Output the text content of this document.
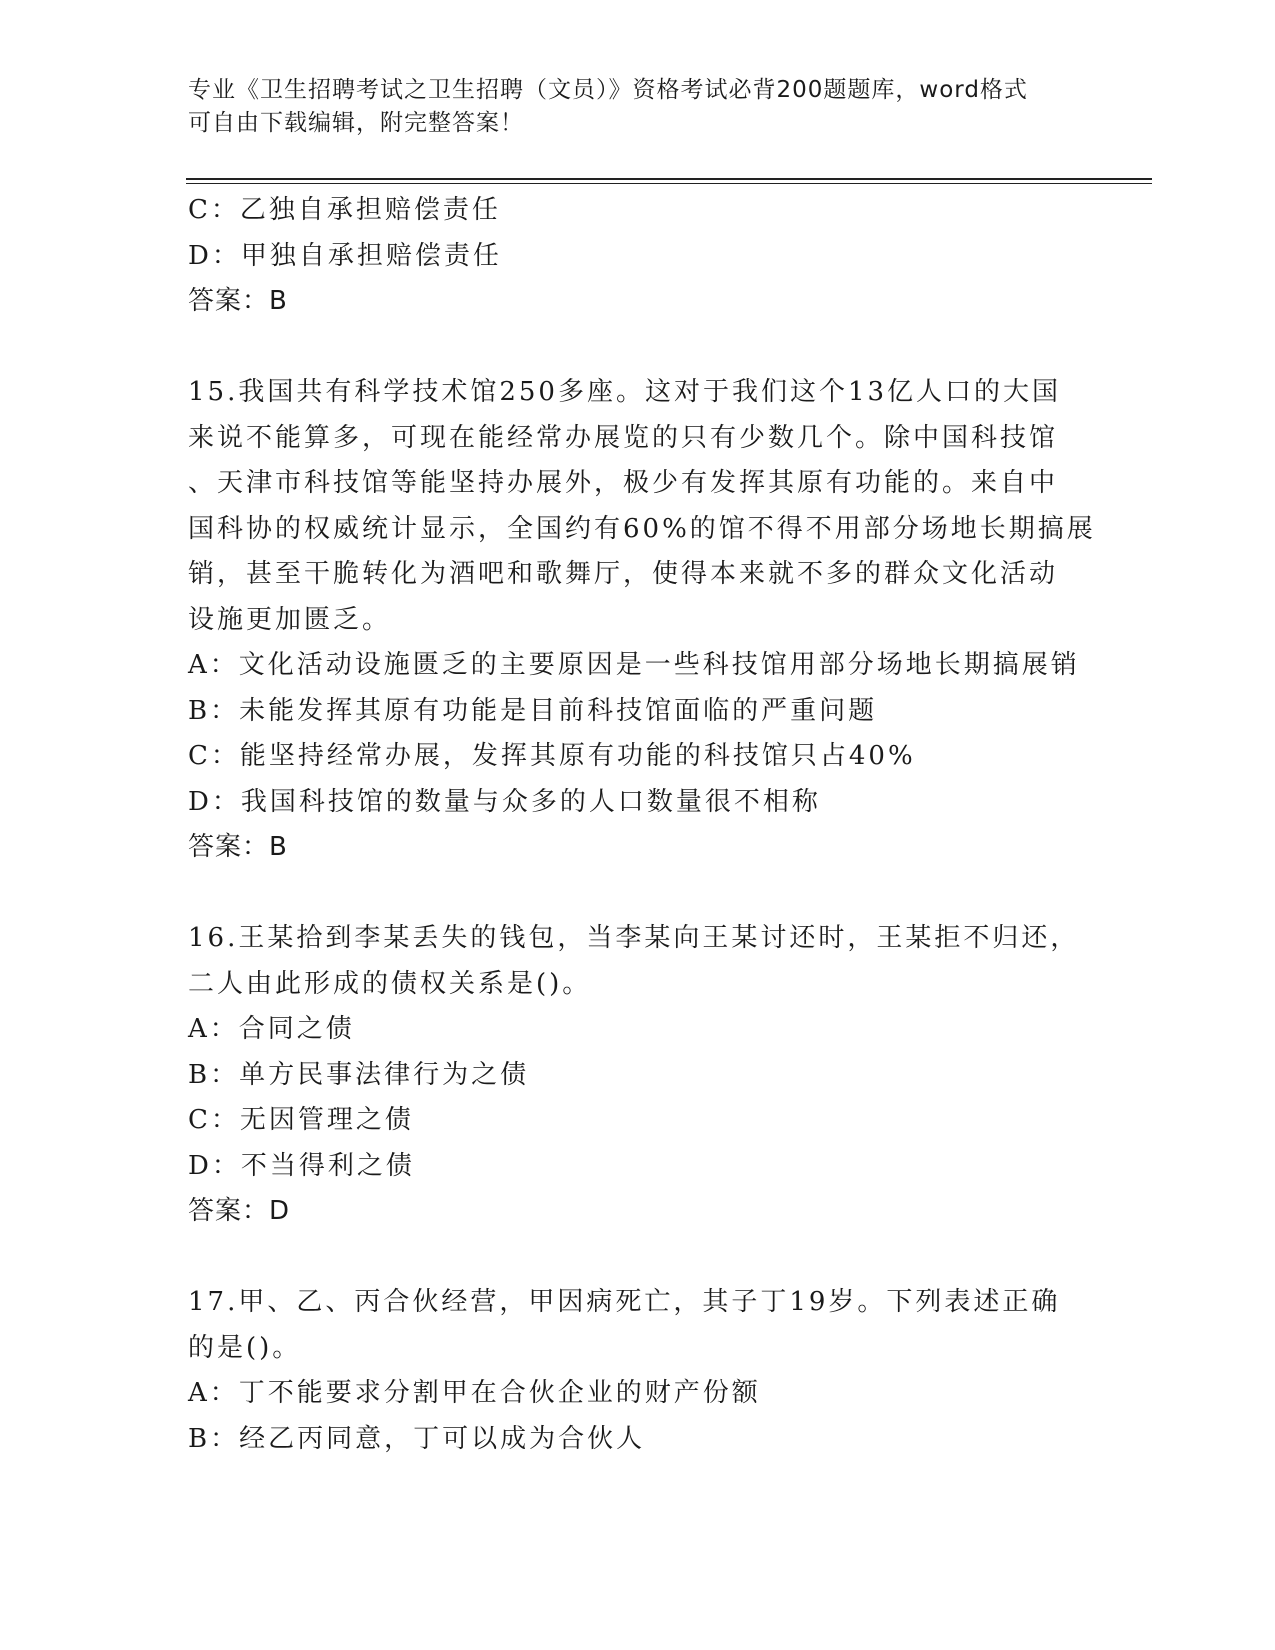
专业《卫生招聘考试之卫生招聘（文员）》资格考试必背200题题库，word格式
可自由下载编辑，附完整答案！
C：乙独自承担赔偿责任
D：甲独自承担赔偿责任
答案：B
15.我国共有科学技术馆250多座。这对于我们这个13亿人口的大国
来说不能算多，可现在能经常办展览的只有少数几个。除中国科技馆
、天津市科技馆等能坚持办展外，极少有发挥其原有功能的。来自中
国科协的权威统计显示，全国约有60%的馆不得不用部分场地长期搞展
销，甚至干脆转化为酒吧和歌舞厅，使得本来就不多的群众文化活动
设施更加匮乏。
A：文化活动设施匮乏的主要原因是一些科技馆用部分场地长期搞展销
B：未能发挥其原有功能是目前科技馆面临的严重问题
C：能坚持经常办展，发挥其原有功能的科技馆只占40%
D：我国科技馆的数量与众多的人口数量很不相称
答案：B
16.王某拾到李某丢失的钱包，当李某向王某讨还时，王某拒不归还，
二人由此形成的债权关系是()。
A：合同之债
B：单方民事法律行为之债
C：无因管理之债
D：不当得利之债
答案：D
17.甲、乙、丙合伙经营，甲因病死亡，其子丁19岁。下列表述正确
的是()。
A：丁不能要求分割甲在合伙企业的财产份额
B：经乙丙同意，丁可以成为合伙人
